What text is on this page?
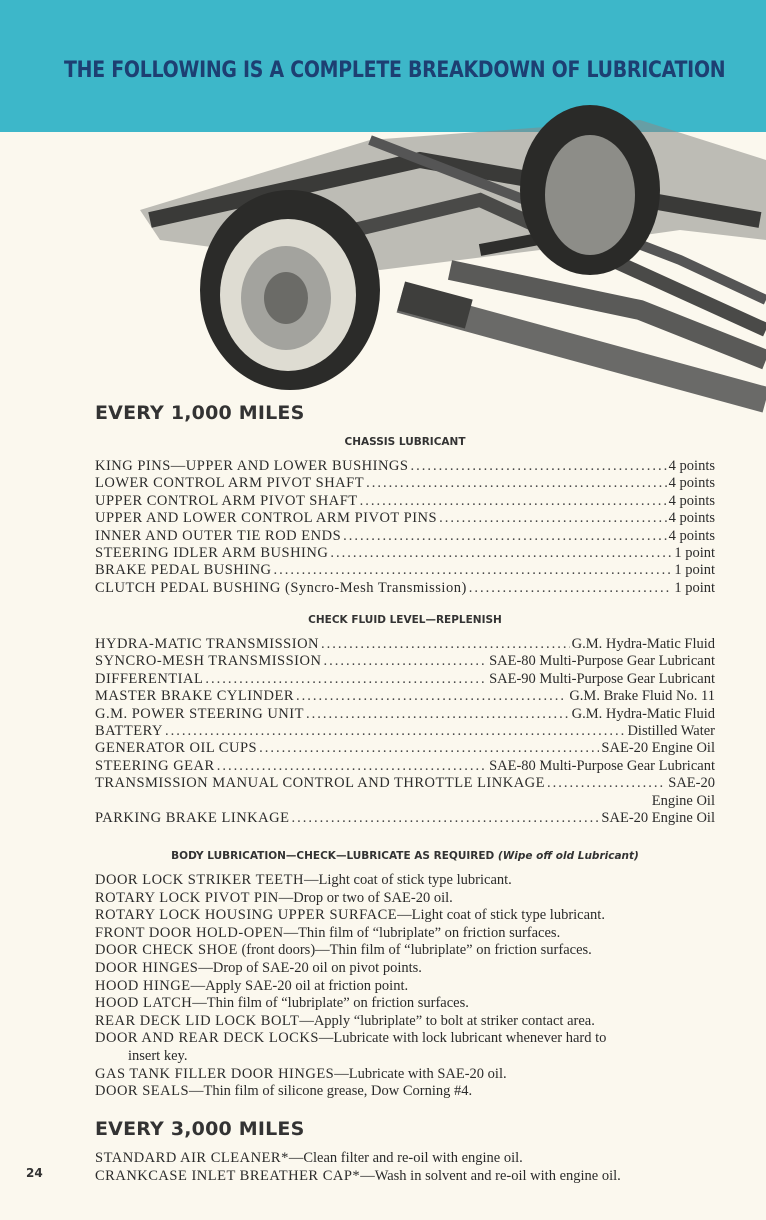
THE FOLLOWING IS A COMPLETE BREAKDOWN OF LUBRICATION
EVERY 1,000 MILES
CHASSIS LUBRICANT
KING PINS—UPPER AND LOWER BUSHINGS .....	4 points
LOWER CONTROL ARM PIVOT SHAFT .....	4 points
UPPER CONTROL ARM PIVOT SHAFT .....	4 points
UPPER AND LOWER CONTROL ARM PIVOT PINS .....	4 points
INNER AND OUTER TIE ROD ENDS .....	4 points
STEERING IDLER ARM BUSHING .....	1 point
BRAKE PEDAL BUSHING .....	1 point
CLUTCH PEDAL BUSHING (Syncro-Mesh Transmission) .....	1 point
CHECK FLUID LEVEL—REPLENISH
HYDRA-MATIC TRANSMISSION .....	G.M. Hydra-Matic Fluid
SYNCRO-MESH TRANSMISSION .....	SAE-80 Multi-Purpose Gear Lubricant
DIFFERENTIAL .....	SAE-90 Multi-Purpose Gear Lubricant
MASTER BRAKE CYLINDER .....	G.M. Brake Fluid No. 11
G.M. POWER STEERING UNIT .....	G.M. Hydra-Matic Fluid
BATTERY .....	Distilled Water
GENERATOR OIL CUPS .....	SAE-20 Engine Oil
STEERING GEAR .....	SAE-80 Multi-Purpose Gear Lubricant
TRANSMISSION MANUAL CONTROL AND THROTTLE LINKAGE .....	SAE-20
Engine Oil
PARKING BRAKE LINKAGE .....	SAE-20 Engine Oil
BODY LUBRICATION—CHECK—LUBRICATE AS REQUIRED (Wipe off old Lubricant)
DOOR LOCK STRIKER TEETH—Light coat of stick type lubricant.
ROTARY LOCK PIVOT PIN—Drop or two of SAE-20 oil.
ROTARY LOCK HOUSING UPPER SURFACE—Light coat of stick type lubricant.
FRONT DOOR HOLD-OPEN—Thin film of “lubriplate” on friction surfaces.
DOOR CHECK SHOE (front doors)—Thin film of “lubriplate” on friction surfaces.
DOOR HINGES—Drop of SAE-20 oil on pivot points.
HOOD HINGE—Apply SAE-20 oil at friction point.
HOOD LATCH—Thin film of “lubriplate” on friction surfaces.
REAR DECK LID LOCK BOLT—Apply “lubriplate” to bolt at striker contact area.
DOOR AND REAR DECK LOCKS—Lubricate with lock lubricant whenever hard to
insert key.
GAS TANK FILLER DOOR HINGES—Lubricate with SAE-20 oil.
DOOR SEALS—Thin film of silicone grease, Dow Corning #4.
EVERY 3,000 MILES
STANDARD AIR CLEANER*—Clean filter and re-oil with engine oil.
CRANKCASE INLET BREATHER CAP*—Wash in solvent and re-oil with engine oil.
24
